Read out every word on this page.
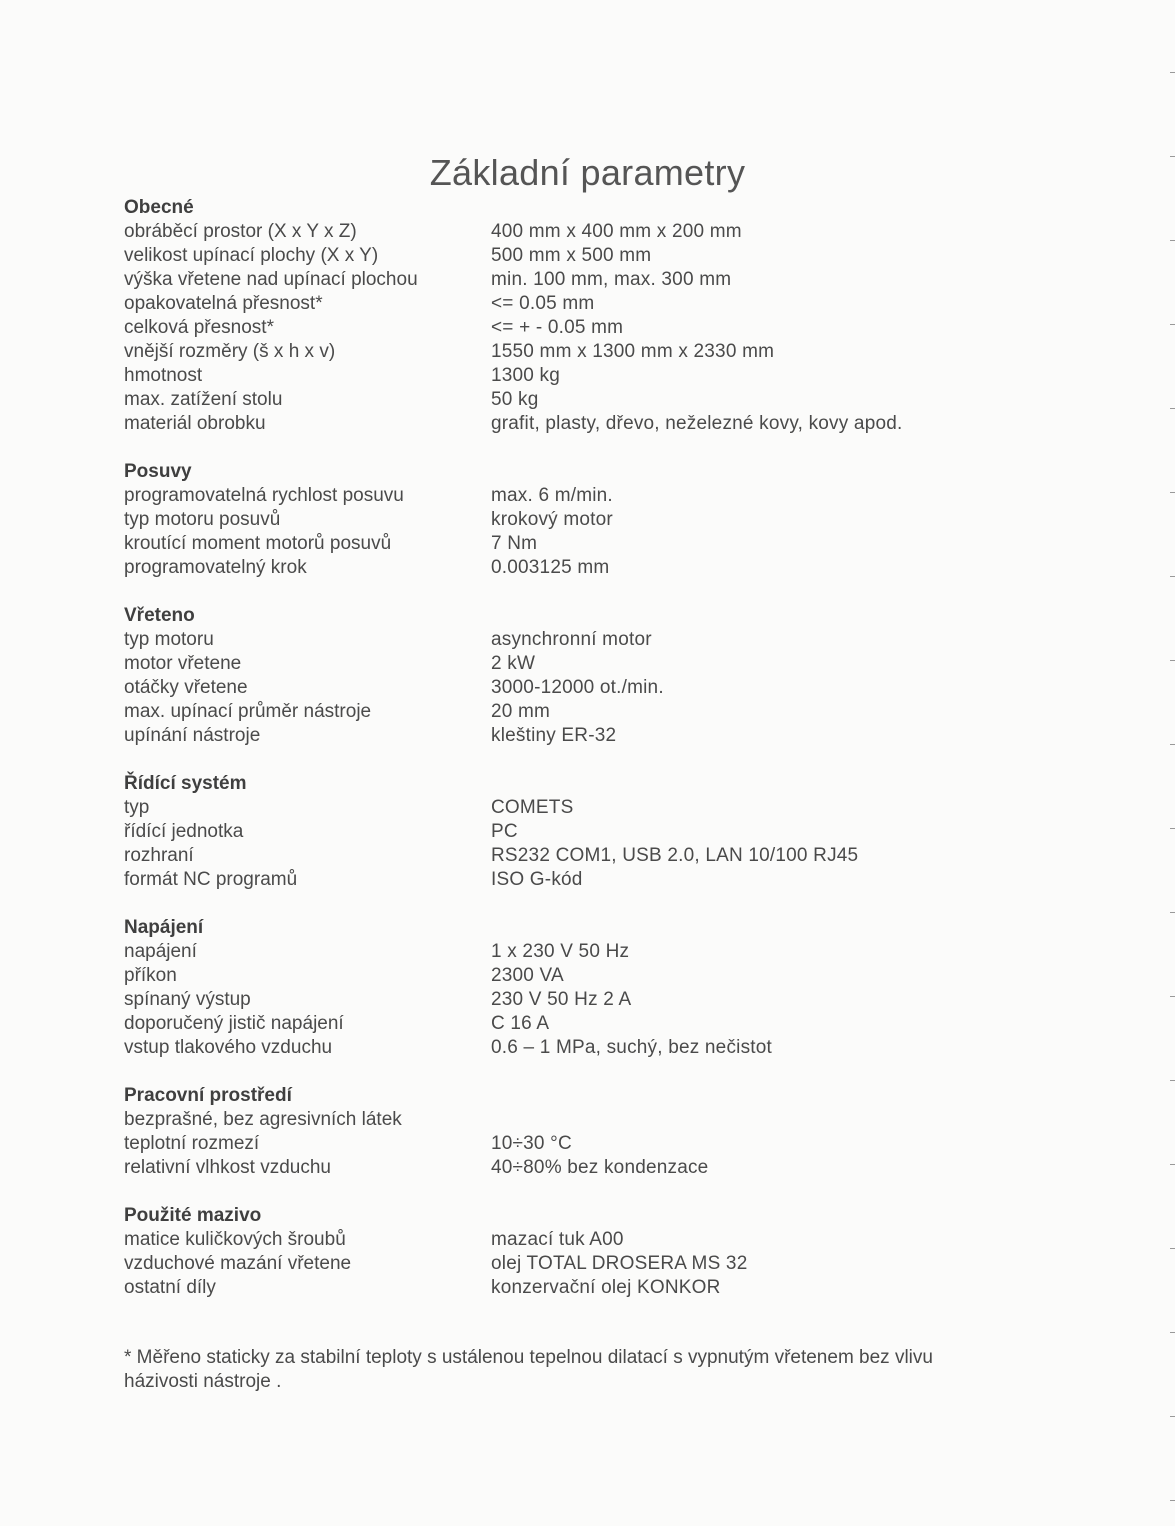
Základní parametry
Obecné
obráběcí prostor (X x Y x Z)	400 mm x 400 mm x 200 mm
velikost upínací plochy (X x Y)	500 mm x 500 mm
výška vřetene nad upínací plochou	min. 100 mm, max. 300 mm
opakovatelná přesnost*	<= 0.05 mm
celková přesnost*	<= + - 0.05 mm
vnější rozměry (š x h x v)	1550 mm x 1300 mm x 2330 mm
hmotnost	1300 kg
max. zatížení stolu	50 kg
materiál obrobku	grafit, plasty, dřevo, neželezné kovy, kovy apod.
Posuvy
programovatelná rychlost posuvu	max. 6 m/min.
typ motoru posuvů	krokový motor
kroutící moment motorů posuvů	7 Nm
programovatelný krok	0.003125 mm
Vřeteno
typ motoru	asynchronní motor
motor vřetene	2 kW
otáčky vřetene	3000-12000 ot./min.
max. upínací průměr nástroje	20 mm
upínání nástroje	kleštiny ER-32
Řídící systém
typ	COMETS
řídící jednotka	PC
rozhraní	RS232 COM1, USB 2.0, LAN 10/100 RJ45
formát NC programů	ISO G-kód
Napájení
napájení	1 x 230 V 50 Hz
příkon	2300 VA
spínaný výstup	230 V 50 Hz 2 A
doporučený jistič napájení	C 16 A
vstup tlakového vzduchu	0.6 – 1 MPa, suchý, bez nečistot
Pracovní prostředí
bezprašné, bez agresivních látek
teplotní rozmezí	10÷30 °C
relativní vlhkost vzduchu	40÷80% bez kondenzace
Použité mazivo
matice kuličkových šroubů	mazací tuk A00
vzduchové mazání vřetene	olej TOTAL DROSERA MS 32
ostatní díly	konzervační olej KONKOR
* Měřeno staticky za stabilní teploty s ustálenou tepelnou dilatací s vypnutým vřetenem bez vlivu
házivosti nástroje .
